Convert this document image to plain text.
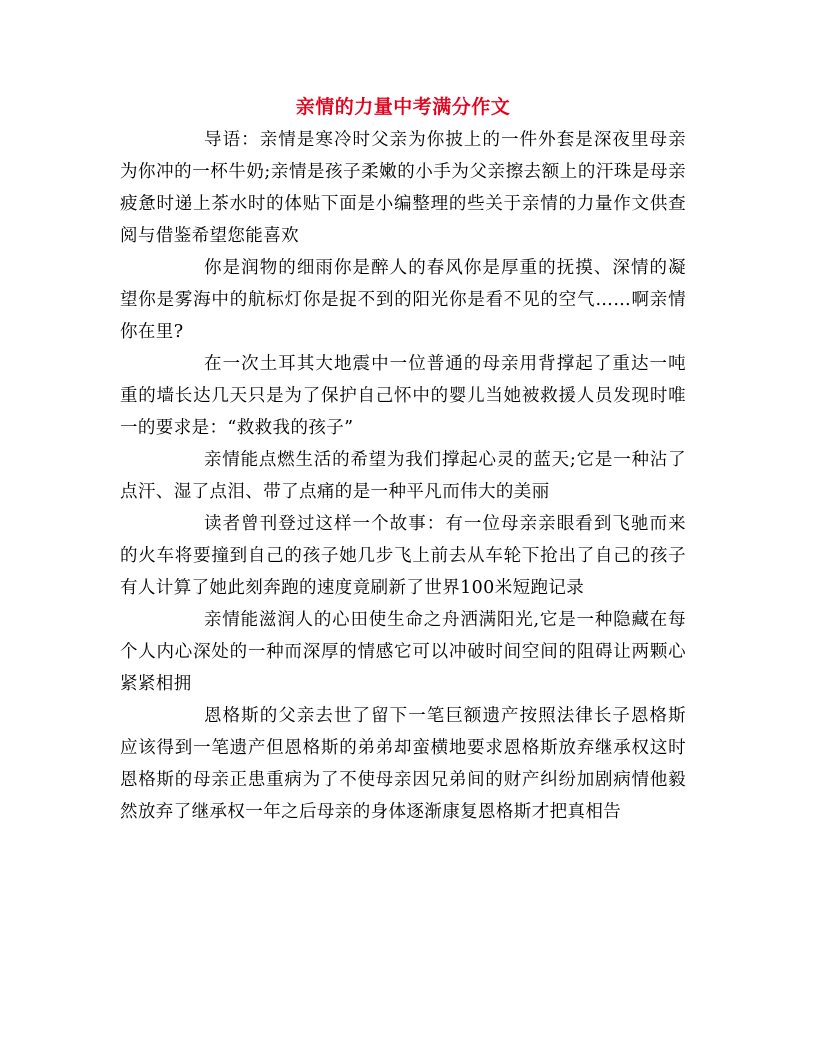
亲情的力量中考满分作文

导语：亲情是寒冷时父亲为你披上的一件外套是深夜里母亲为你冲的一杯牛奶;亲情是孩子柔嫩的小手为父亲擦去额上的汗珠是母亲疲惫时递上茶水时的体贴下面是小编整理的些关于亲情的力量作文供查阅与借鉴希望您能喜欢

你是润物的细雨你是醉人的春风你是厚重的抚摸、深情的凝望你是雾海中的航标灯你是捉不到的阳光你是看不见的空气……啊亲情你在里?

在一次土耳其大地震中一位普通的母亲用背撑起了重达一吨重的墙长达几天只是为了保护自己怀中的婴儿当她被救援人员发现时唯一的要求是：“救救我的孩子”

亲情能点燃生活的希望为我们撑起心灵的蓝天;它是一种沾了点汗、湿了点泪、带了点痛的是一种平凡而伟大的美丽

读者曾刊登过这样一个故事：有一位母亲亲眼看到飞驰而来的火车将要撞到自己的孩子她几步飞上前去从车轮下抢出了自己的孩子有人计算了她此刻奔跑的速度竟刷新了世界100米短跑记录

亲情能滋润人的心田使生命之舟洒满阳光,它是一种隐藏在每个人内心深处的一种而深厚的情感它可以冲破时间空间的阻碍让两颗心紧紧相拥

恩格斯的父亲去世了留下一笔巨额遗产按照法律长子恩格斯应该得到一笔遗产但恩格斯的弟弟却蛮横地要求恩格斯放弃继承权这时恩格斯的母亲正患重病为了不使母亲因兄弟间的财产纠纷加剧病情他毅然放弃了继承权一年之后母亲的身体逐渐康复恩格斯才把真相告
